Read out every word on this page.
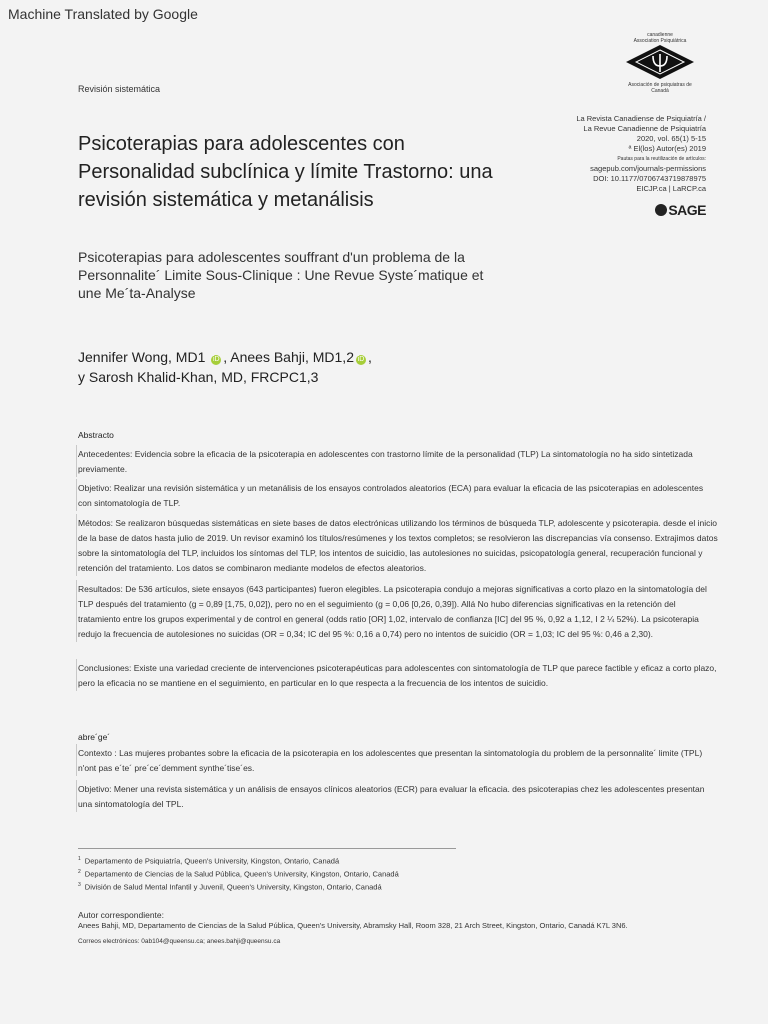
Machine Translated by Google
Revisión sistemática
canadienne
Association Psiquiátrica
Asociación de psiquiatras de
Canadá
La Revista Canadiense de Psiquiatría /
La Revue Canadienne de Psiquiatría
2020, vol. 65(1) 5-15
ª El(los) Autor(es) 2019
Pautas para la reutilización de artículos:
sagepub.com/journals-permissions
DOI: 10.1177/0706743719878975
EICJP.ca | LaRCP.ca
SAGE
Psicoterapias para adolescentes con Personalidad subclínica y límite Trastorno: una revisión sistemática y metanálisis

Psicoterapias para adolescentes souffrant d'un problema de la Personnalite´ Limite Sous-Clinique : Une Revue Syste´matique et une Me´ta-Analyse

Jennifer Wong, MD1 iD , Anees Bahji, MD1,2 iD ,
y Sarosh Khalid-Khan, MD, FRCPC1,3
Abstracto
Antecedentes: Evidencia sobre la eficacia de la psicoterapia en adolescentes con trastorno límite de la personalidad (TLP) La sintomatología no ha sido sintetizada previamente.
Objetivo: Realizar una revisión sistemática y un metanálisis de los ensayos controlados aleatorios (ECA) para evaluar la eficacia de las psicoterapias en adolescentes con sintomatología de TLP.
Métodos: Se realizaron búsquedas sistemáticas en siete bases de datos electrónicas utilizando los términos de búsqueda TLP, adolescente y psicoterapia. desde el inicio de la base de datos hasta julio de 2019. Un revisor examinó los títulos/resúmenes y los textos completos; se resolvieron las discrepancias vía consenso. Extrajimos datos sobre la sintomatología del TLP, incluidos los síntomas del TLP, los intentos de suicidio, las autolesiones no suicidas, psicopatología general, recuperación funcional y retención del tratamiento. Los datos se combinaron mediante modelos de efectos aleatorios.
Resultados: De 536 artículos, siete ensayos (643 participantes) fueron elegibles. La psicoterapia condujo a mejoras significativas a corto plazo en la sintomatología del TLP después del tratamiento (g = 0,89 [1,75, 0,02]), pero no en el seguimiento (g = 0,06 [0,26, 0,39]). Allá No hubo diferencias significativas en la retención del tratamiento entre los grupos experimental y de control en general (odds ratio [OR] 1,02, intervalo de confianza [IC] del 95 %, 0,92 a 1,12, I 2 ¼ 52%). La psicoterapia redujo la frecuencia de autolesiones no suicidas (OR = 0,34; IC del 95 %: 0,16 a 0,74) pero no intentos de suicidio (OR = 1,03; IC del 95 %: 0,46 a 2,30).
Conclusiones: Existe una variedad creciente de intervenciones psicoterapéuticas para adolescentes con sintomatología de TLP que parece factible y eficaz a corto plazo, pero la eficacia no se mantiene en el seguimiento, en particular en lo que respecta a la frecuencia de los intentos de suicidio.
abre´ge´
Contexto : Las mujeres probantes sobre la eficacia de la psicoterapia en los adolescentes que presentan la sintomatología du problem de la personnalite´ limite (TPL) n'ont pas e´te´ pre´ce´demment synthe´tise´es.
Objetivo: Mener una revista sistemática y un análisis de ensayos clínicos aleatorios (ECR) para evaluar la eficacia. des psicoterapias chez les adolescentes presentan una sintomatología del TPL.
$^1$ Departamento de Psiquiatría, Queen's University, Kingston, Ontario, Canadá
$^2$ Departamento de Ciencias de la Salud Pública, Queen's University, Kingston, Ontario, Canadá
$^3$ División de Salud Mental Infantil y Juvenil, Queen's University, Kingston, Ontario, Canadá
Autor correspondiente:
Anees Bahji, MD, Departamento de Ciencias de la Salud Pública, Queen's University, Abramsky Hall, Room 328, 21 Arch Street, Kingston, Ontario, Canadá K7L 3N6.
Correos electrónicos: 0ab104@queensu.ca; anees.bahji@queensu.ca
